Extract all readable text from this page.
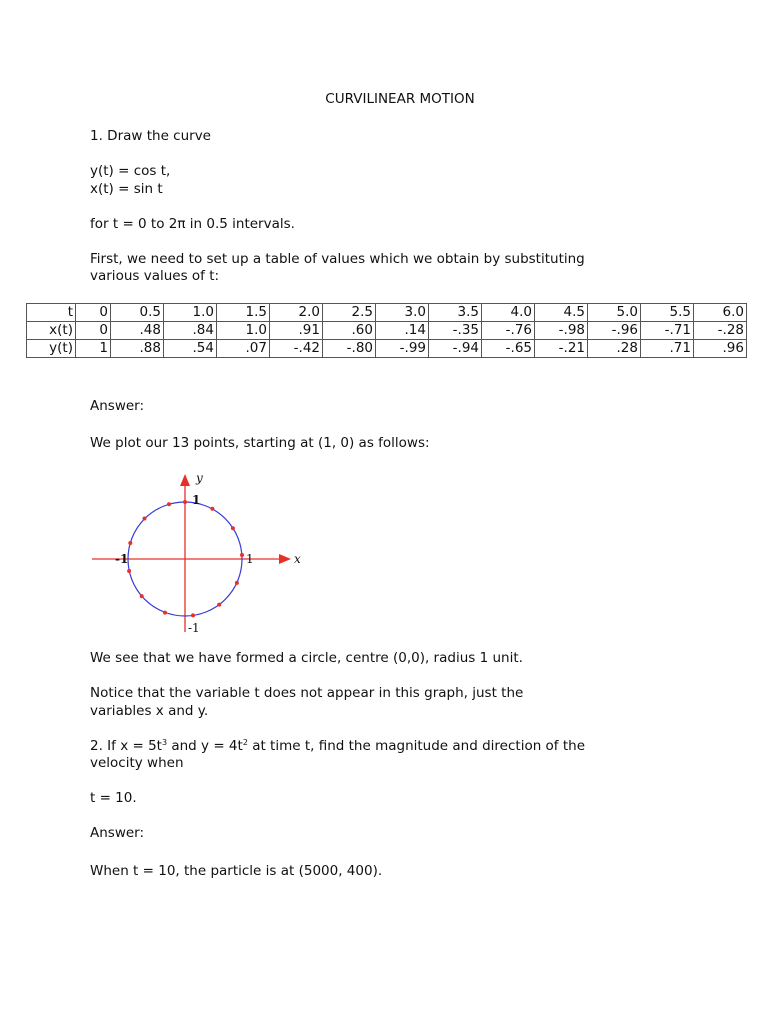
CURVILINEAR MOTION
1. Draw the curve
y(t) = cos t,
x(t) = sin t
for t = 0 to 2π in 0.5 intervals.
First, we need to set up a table of values which we obtain by substituting
various values of t:
t	0	0.5	1.0	1.5	2.0	2.5	3.0	3.5	4.0	4.5	5.0	5.5	6.0
x(t)	0	.48	.84	1.0	.91	.60	.14	-.35	-.76	-.98	-.96	-.71	-.28
y(t)	1	.88	.54	.07	-.42	-.80	-.99	-.94	-.65	-.21	.28	.71	.96
Answer:
We plot our 13 points, starting at (1, 0) as follows:
x
y
1
-1
1
-1
We see that we have formed a circle, centre (0,0), radius 1 unit.
Notice that the variable t does not appear in this graph, just the
variables x and y.
2. If $x = 5t^3$ and $y = 4t^2$ at time t, find the magnitude and direction of the
velocity when
t = 10.
Answer:
When t = 10, the particle is at (5000, 400).
